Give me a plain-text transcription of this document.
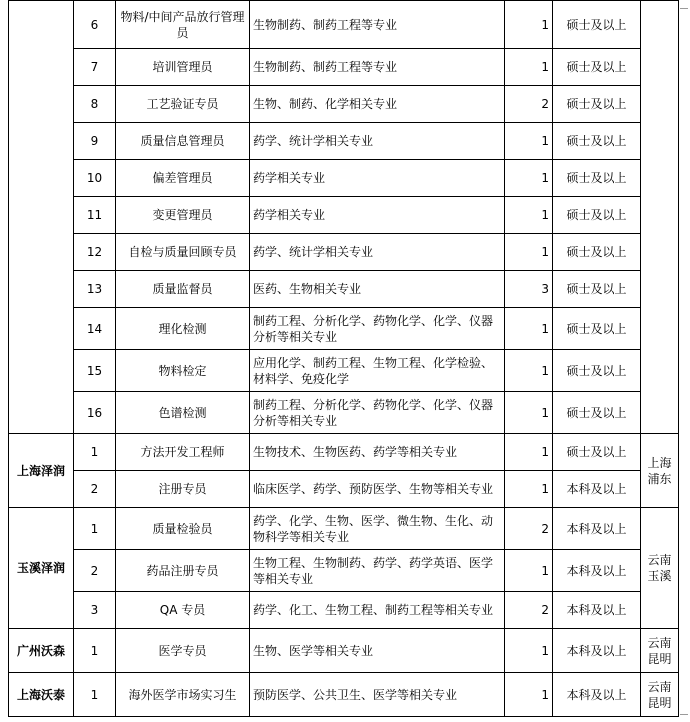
	6	物料/中间产品放行管理员	生物制药、制药工程等专业	1	硕士及以上	
	7	培训管理员	生物制药、制药工程等专业	1	硕士及以上	
	8	工艺验证专员	生物、制药、化学相关专业	2	硕士及以上	
	9	质量信息管理员	药学、统计学相关专业	1	硕士及以上	
	10	偏差管理员	药学相关专业	1	硕士及以上	
	11	变更管理员	药学相关专业	1	硕士及以上	
	12	自检与质量回顾专员	药学、统计学相关专业	1	硕士及以上	
	13	质量监督员	医药、生物相关专业	3	硕士及以上	
	14	理化检测	制药工程、分析化学、药物化学、化学、仪器分析等相关专业	1	硕士及以上	
	15	物料检定	应用化学、制药工程、生物工程、化学检验、材料学、免疫化学	1	硕士及以上	
	16	色谱检测	制药工程、分析化学、药物化学、化学、仪器分析等相关专业	1	硕士及以上	
上海泽润	1	方法开发工程师	生物技术、生物医药、药学等相关专业	1	硕士及以上	上海浦东
	2	注册专员	临床医学、药学、预防医学、生物等相关专业	1	本科及以上	
玉溪泽润	1	质量检验员	药学、化学、生物、医学、微生物、生化、动物科学等相关专业	2	本科及以上	云南玉溪
	2	药品注册专员	生物工程、生物制药、药学、药学英语、医学等相关专业	1	本科及以上	
	3	QA 专员	药学、化工、生物工程、制药工程等相关专业	2	本科及以上	
广州沃森	1	医学专员	生物、医学等相关专业	1	本科及以上	云南昆明
上海沃泰	1	海外医学市场实习生	预防医学、公共卫生、医学等相关专业	1	本科及以上	云南昆明
